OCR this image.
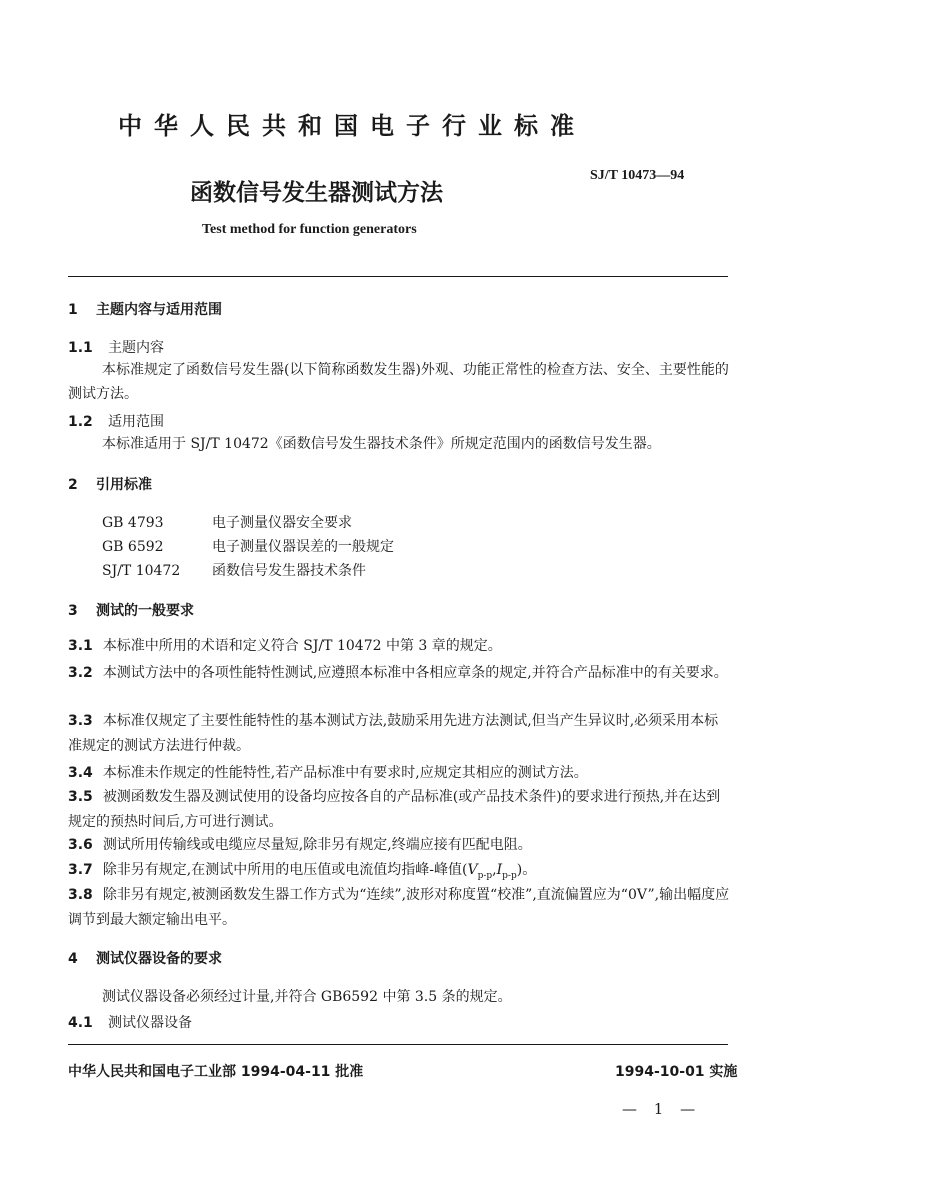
中华人民共和国电子行业标准
函数信号发生器测试方法
SJ/T 10473—94
Test method for function generators
1 主题内容与适用范围
1.1 主题内容
本标准规定了函数信号发生器(以下简称函数发生器)外观、功能正常性的检查方法、安全、主要性能的测试方法。
1.2 适用范围
本标准适用于 SJ/T 10472《函数信号发生器技术条件》所规定范围内的函数信号发生器。
2 引用标准
GB 4793	电子测量仪器安全要求
GB 6592	电子测量仪器误差的一般规定
SJ/T 10472 函数信号发生器技术条件
3 测试的一般要求
3.1 本标准中所用的术语和定义符合 SJ/T 10472 中第 3 章的规定。
3.2 本测试方法中的各项性能特性测试,应遵照本标准中各相应章条的规定,并符合产品标准中的有关要求。
3.3 本标准仅规定了主要性能特性的基本测试方法,鼓励采用先进方法测试,但当产生异议时,必须采用本标准规定的测试方法进行仲裁。
3.4 本标准未作规定的性能特性,若产品标准中有要求时,应规定其相应的测试方法。
3.5 被测函数发生器及测试使用的设备均应按各自的产品标准(或产品技术条件)的要求进行预热,并在达到规定的预热时间后,方可进行测试。
3.6 测试所用传输线或电缆应尽量短,除非另有规定,终端应接有匹配电阻。
3.7 除非另有规定,在测试中所用的电压值或电流值均指峰-峰值$(V_{p-p},I_{p-p})$。
3.8 除非另有规定,被测函数发生器工作方式为“连续”,波形对称度置“校准”,直流偏置应为“0V”,输出幅度应调节到最大额定输出电平。
4 测试仪器设备的要求
测试仪器设备必须经过计量,并符合 GB6592 中第 3.5 条的规定。
4.1 测试仪器设备
中华人民共和国电子工业部 1994-04-11 批准	1994-10-01 实施
— 1 —
